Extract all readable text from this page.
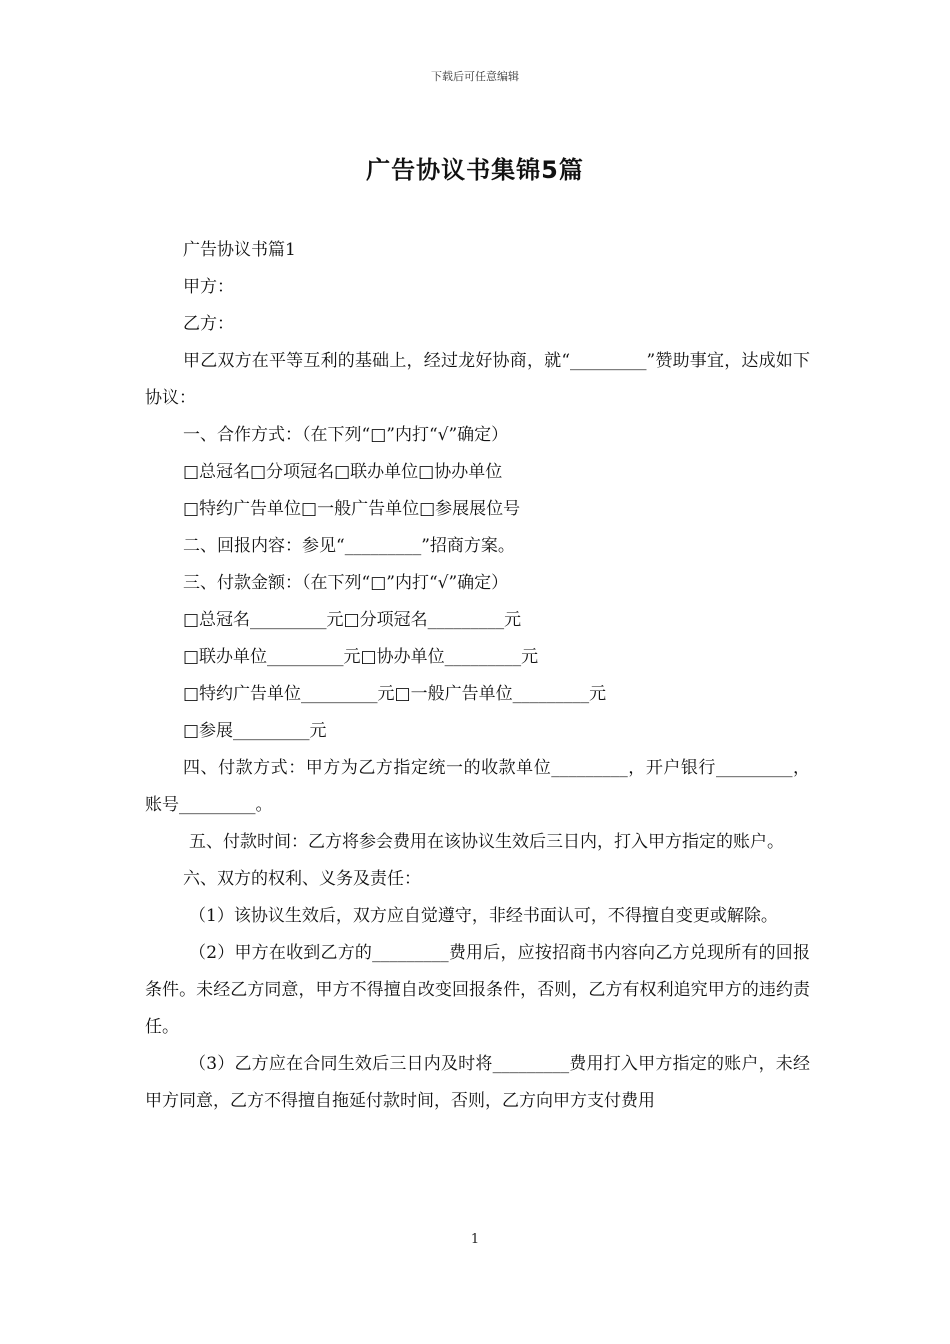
下载后可任意编辑
广告协议书集锦5篇

广告协议书篇1

甲方：

乙方：

甲乙双方在平等互利的基础上，经过龙好协商，就“_________”赞助事宜，达成如下协议：

一、合作方式：（在下列“□”内打“√”确定）

□总冠名□分项冠名□联办单位□协办单位

□特约广告单位□一般广告单位□参展展位号

二、回报内容：参见“_________”招商方案。

三、付款金额：（在下列“□”内打“√”确定）

□总冠名_________元□分项冠名_________元

□联办单位_________元□协办单位_________元

□特约广告单位_________元□一般广告单位_________元

□参展_________元

四、付款方式：甲方为乙方指定统一的收款单位_________，开户银行_________，账号_________。

五、付款时间：乙方将参会费用在该协议生效后三日内，打入甲方指定的账户。

六、双方的权利、义务及责任：

（1）该协议生效后，双方应自觉遵守，非经书面认可，不得擅自变更或解除。

（2）甲方在收到乙方的_________费用后，应按招商书内容向乙方兑现所有的回报条件。未经乙方同意，甲方不得擅自改变回报条件，否则，乙方有权利追究甲方的违约责任。

（3）乙方应在合同生效后三日内及时将_________费用打入甲方指定的账户，未经甲方同意，乙方不得擅自拖延付款时间，否则，乙方向甲方支付费用

1
